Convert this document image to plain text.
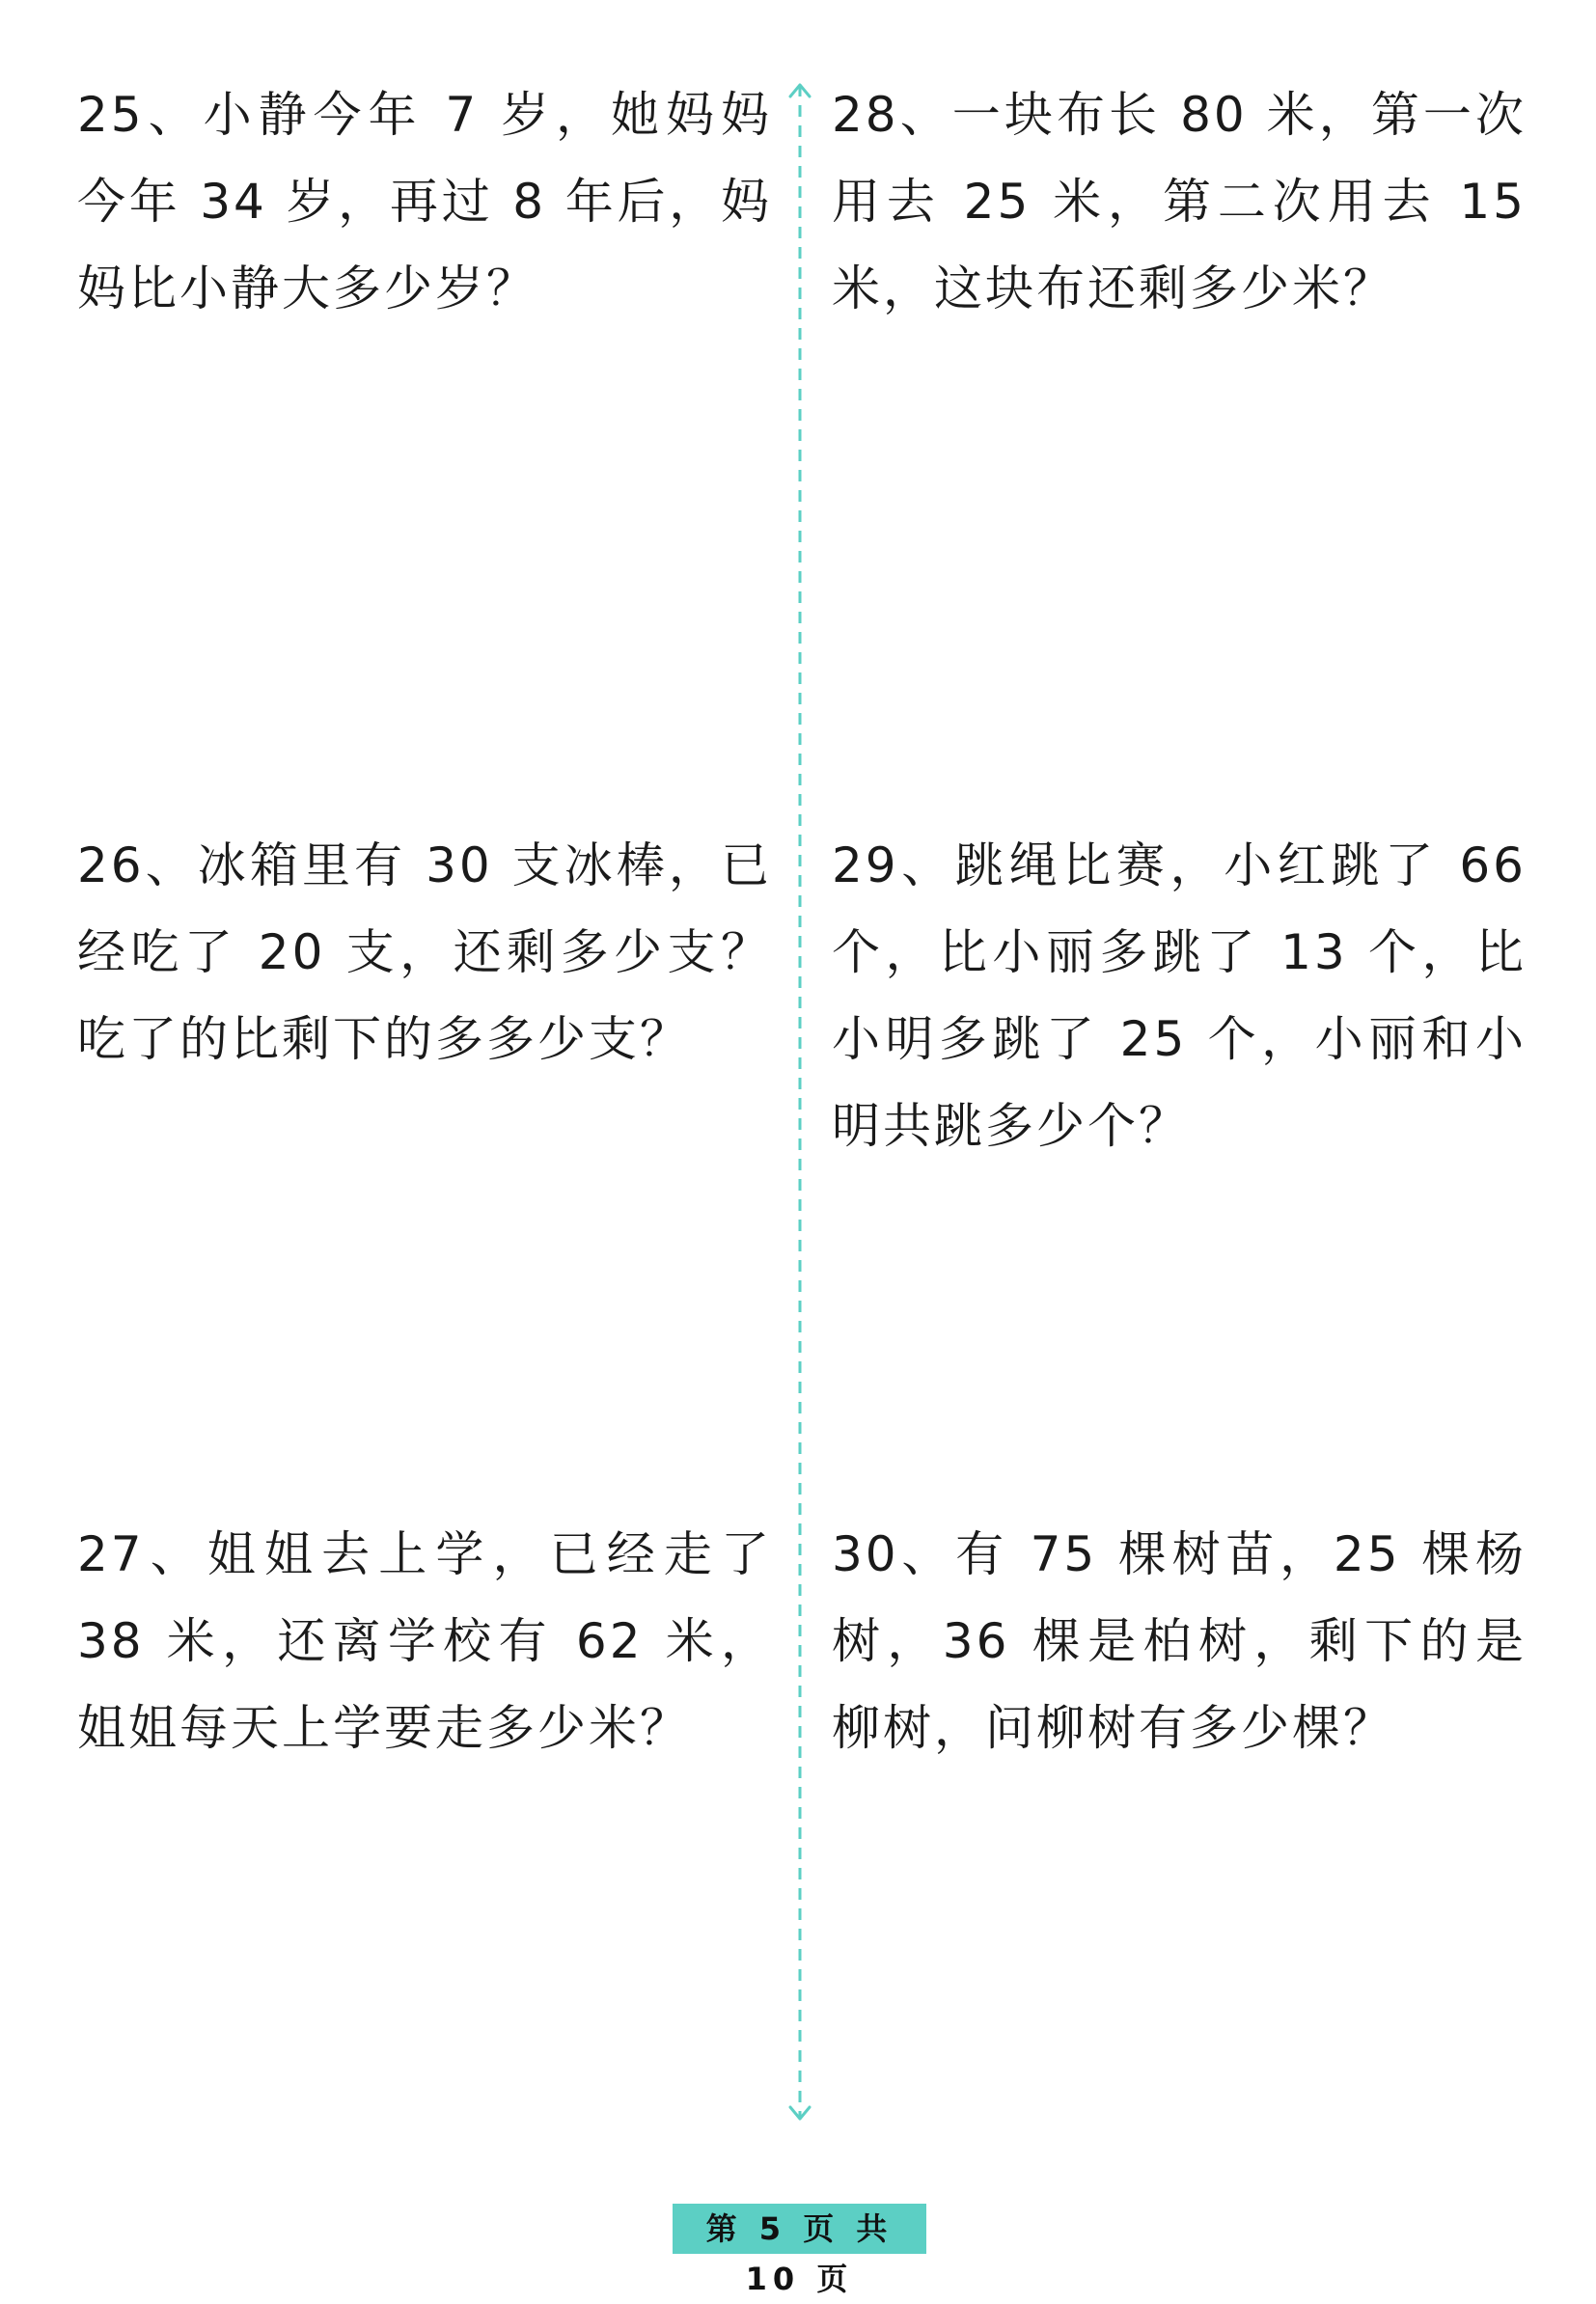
25、小静今年 7 岁，她妈妈今年 34 岁，再过 8 年后，妈妈比小静大多少岁？

28、一块布长 80 米，第一次用去 25 米，第二次用去 15 米，这块布还剩多少米？

26、冰箱里有 30 支冰棒，已经吃了 20 支，还剩多少支？吃了的比剩下的多多少支？

29、跳绳比赛，小红跳了 66 个，比小丽多跳了 13 个，比小明多跳了 25 个，小丽和小明共跳多少个？

27、姐姐去上学，已经走了 38 米，还离学校有 62 米，姐姐每天上学要走多少米？

30、有 75 棵树苗，25 棵杨树，36 棵是柏树，剩下的是柳树，问柳树有多少棵？

第 5 页 共 10 页
